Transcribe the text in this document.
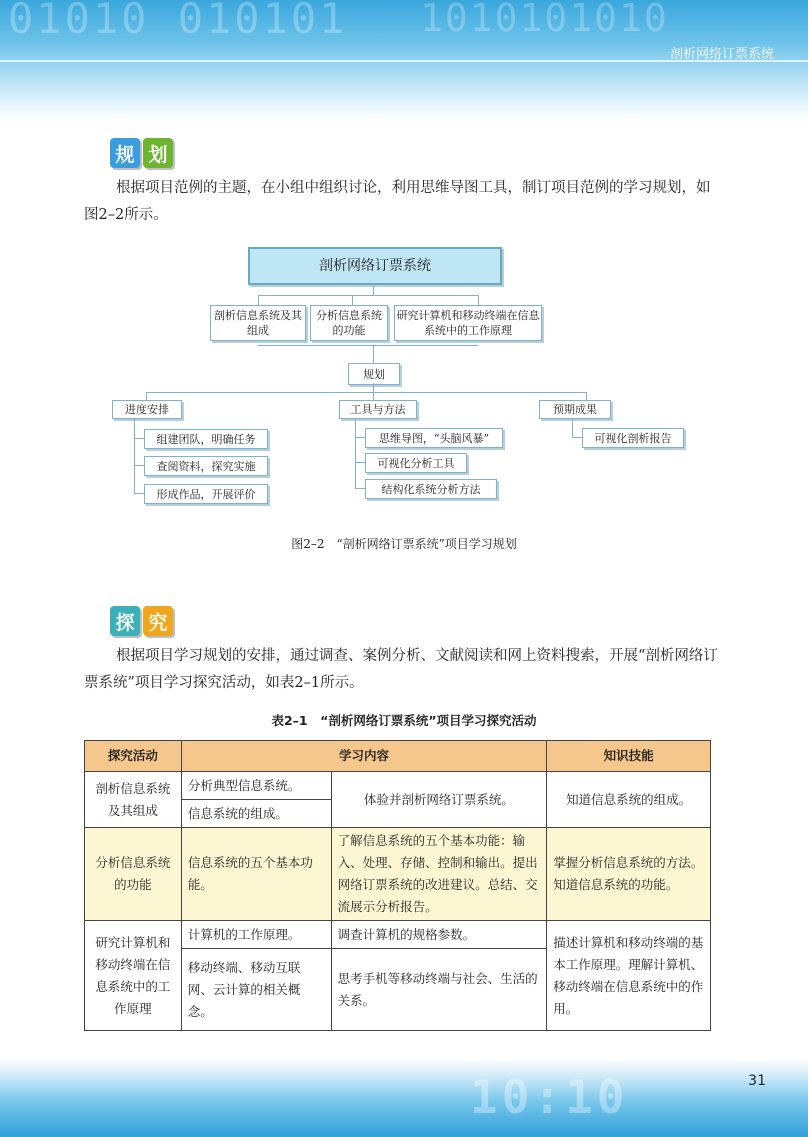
01010 010101 1010101010
剖析网络订票系统
规 划
根据项目范例的主题，在小组中组织讨论，利用思维导图工具，制订项目范例的学习规划，如图2–2所示。
剖析网络订票系统
剖析信息系统及其组成
分析信息系统的功能
研究计算机和移动终端在信息系统中的工作原理
规划
进度安排	工具与方法	预期成果
组建团队，明确任务
查阅资料，探究实施
形成作品，开展评价
思维导图，“头脑风暴”
可视化分析工具
结构化系统分析方法
可视化剖析报告
图2–2　“剖析网络订票系统”项目学习规划
探 究
根据项目学习规划的安排，通过调查、案例分析、文献阅读和网上资料搜索，开展“剖析网络订票系统”项目学习探究活动，如表2–1所示。
表2–1　“剖析网络订票系统”项目学习探究活动
探究活动	学习内容		知识技能
剖析信息系统及其组成	分析典型信息系统。	体验并剖析网络订票系统。	知道信息系统的组成。
	信息系统的组成。		
分析信息系统的功能	信息系统的五个基本功能。	了解信息系统的五个基本功能：输入、处理、存储、控制和输出。提出网络订票系统的改进建议。总结、交流展示分析报告。	掌握分析信息系统的方法。知道信息系统的功能。
研究计算机和移动终端在信息系统中的工作原理	计算机的工作原理。	调查计算机的规格参数。	描述计算机和移动终端的基本工作原理。理解计算机、移动终端在信息系统中的作用。
	移动终端、移动互联网、云计算的相关概念。	思考手机等移动终端与社会、生活的关系。	
10:10	31
